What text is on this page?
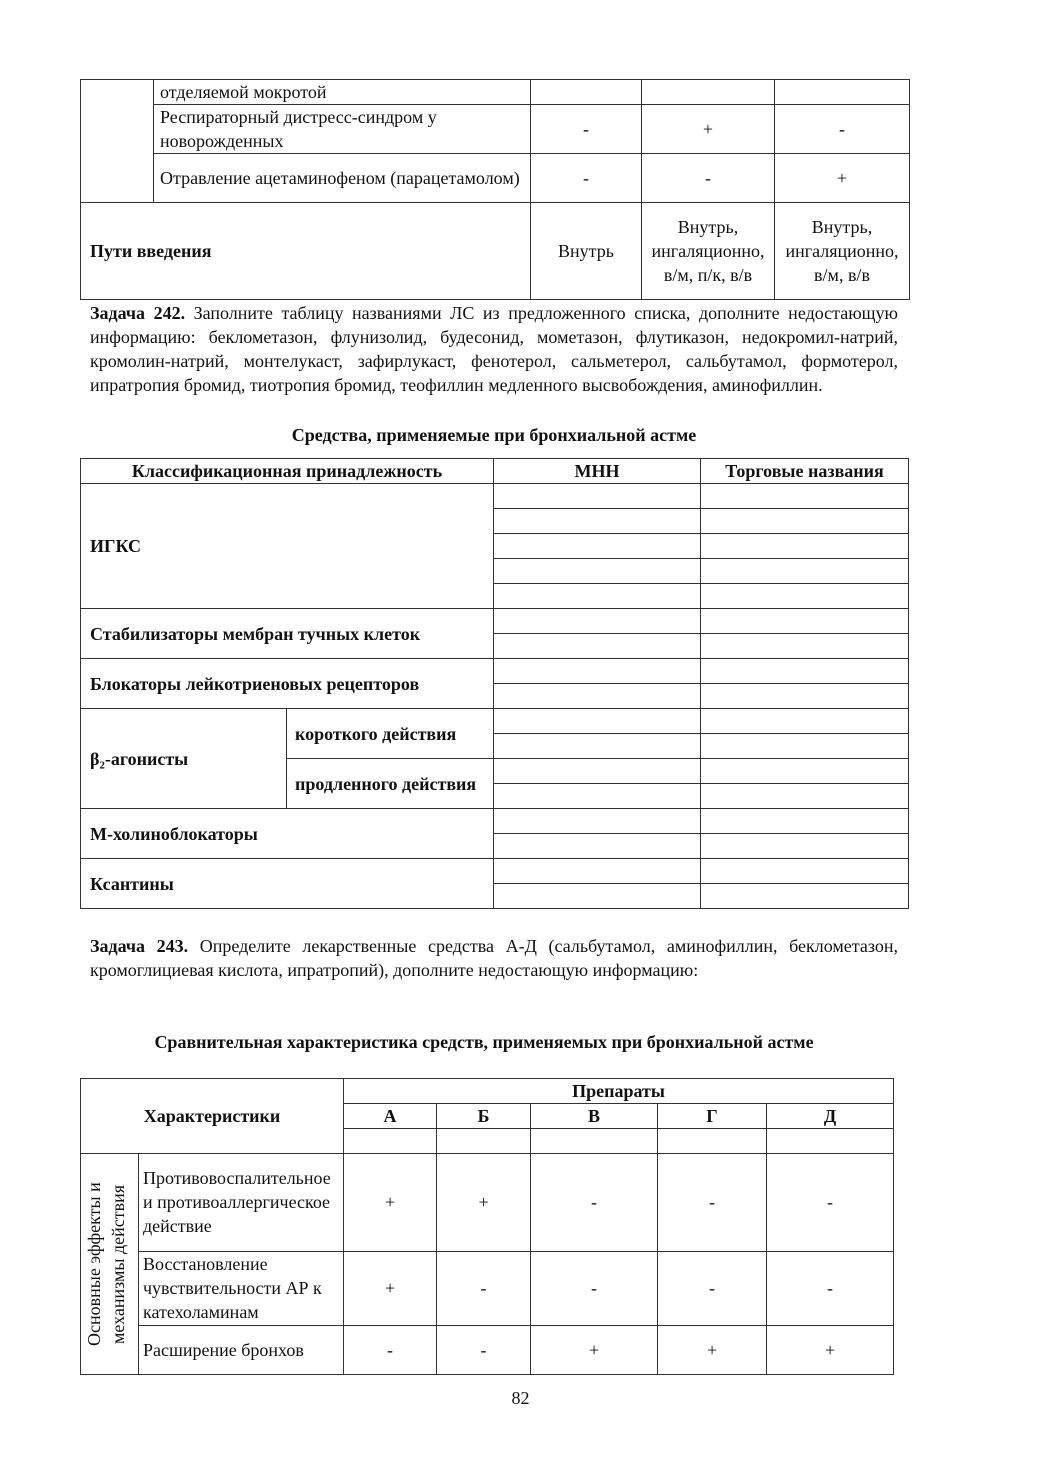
	отделяемой мокротой			
	Респираторный дистресс-синдром у новорожденных	-	+	-
	Отравление ацетаминофеном (парацетамолом)	-	-	+
Пути введения		Внутрь	Внутрь, ингаляционно, в/м, п/к, в/в	Внутрь, ингаляционно, в/м, в/в

Задача 242. Заполните таблицу названиями ЛС из предложенного списка, дополните недостающую информацию: беклометазон, флунизолид, будесонид, мометазон, флутиказон, недокромил-натрий, кромолин-натрий, монтелукаст, зафирлукаст, фенотерол, сальметерол, сальбутамол, формотерол, ипратропия бромид, тиотропия бромид, теофиллин медленного высвобождения, аминофиллин.

Средства, применяемые при бронхиальной астме

Классификационная принадлежность		МНН	Торговые названия
ИГКС			

Стабилизаторы мембран тучных клеток			

Блокаторы лейкотриеновых рецепторов			

β₂-агонисты	короткого действия		

	продленного действия		

М-холиноблокаторы			

Ксантины			

Задача 243. Определите лекарственные средства А-Д (сальбутамол, аминофиллин, беклометазон, кромоглициевая кислота, ипратропий), дополните недостающую информацию:

Сравнительная характеристика средств, применяемых при бронхиальной астме

Характеристики		Препараты				
		А	Б	В	Г	Д

Основные эффекты и механизмы действия	Противовоспалительное и противоаллергическое действие	+	+	-	-	-
	Восстановление чувствительности АР к катехоламинам	+	-	-	-	-
	Расширение бронхов	-	-	+	+	+
82
